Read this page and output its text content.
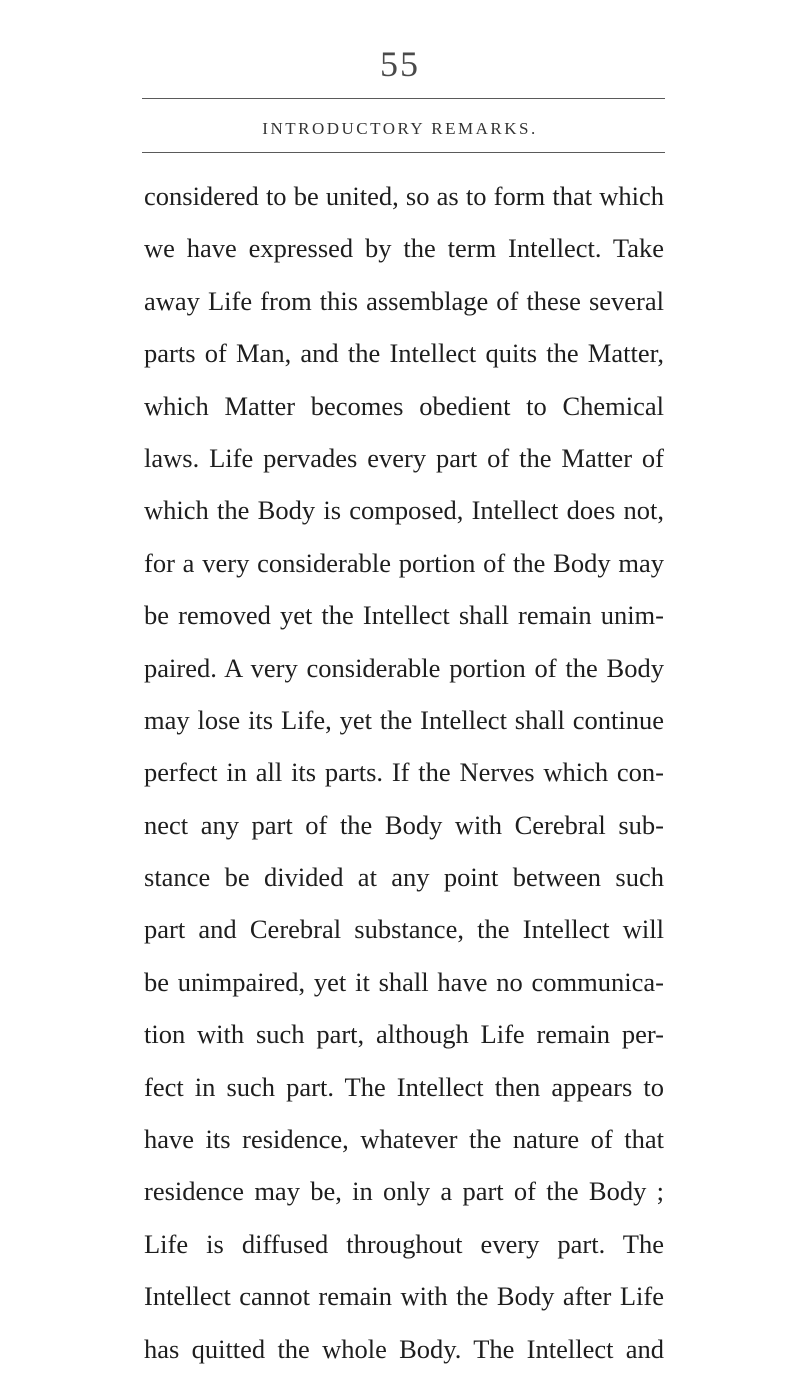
55
INTRODUCTORY REMARKS.
considered to be united, so as to form that which
we have expressed by the term Intellect. Take
away Life from this assemblage of these several
parts of Man, and the Intellect quits the Matter,
which Matter becomes obedient to Chemical
laws. Life pervades every part of the Matter of
which the Body is composed, Intellect does not,
for a very considerable portion of the Body may
be removed yet the Intellect shall remain unim-
paired. A very considerable portion of the Body
may lose its Life, yet the Intellect shall continue
perfect in all its parts. If the Nerves which con-
nect any part of the Body with Cerebral sub-
stance be divided at any point between such
part and Cerebral substance, the Intellect will
be unimpaired, yet it shall have no communica-
tion with such part, although Life remain per-
fect in such part. The Intellect then appears to
have its residence, whatever the nature of that
residence may be, in only a part of the Body ;
Life is diffused throughout every part. The
Intellect cannot remain with the Body after Life
has quitted the whole Body. The Intellect and
